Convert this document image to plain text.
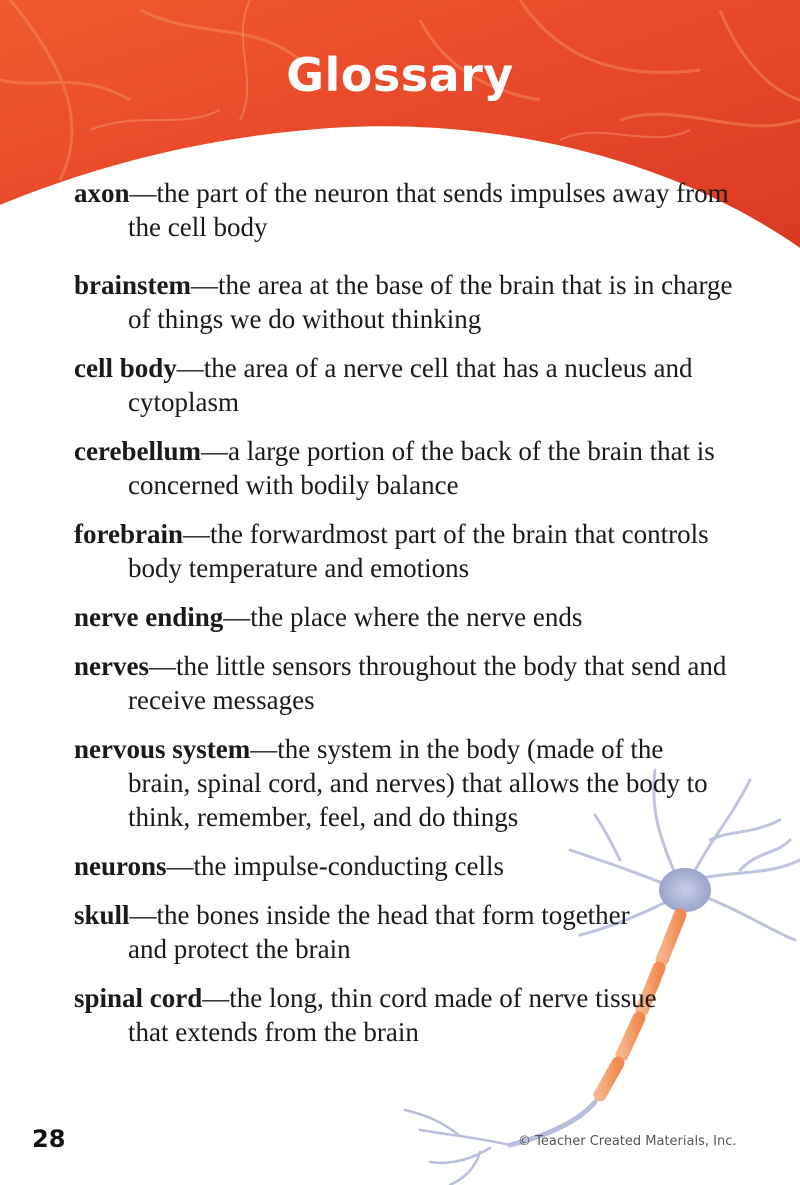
Glossary

axon—the part of the neuron that sends impulses away from the cell body

brainstem—the area at the base of the brain that is in charge of things we do without thinking

cell body—the area of a nerve cell that has a nucleus and cytoplasm

cerebellum—a large portion of the back of the brain that is concerned with bodily balance

forebrain—the forwardmost part of the brain that controls body temperature and emotions

nerve ending—the place where the nerve ends

nerves—the little sensors throughout the body that send and receive messages

nervous system—the system in the body (made of the brain, spinal cord, and nerves) that allows the body to think, remember, feel, and do things

neurons—the impulse-conducting cells

skull—the bones inside the head that form together and protect the brain

spinal cord—the long, thin cord made of nerve tissue that extends from the brain

28	© Teacher Created Materials, Inc.
